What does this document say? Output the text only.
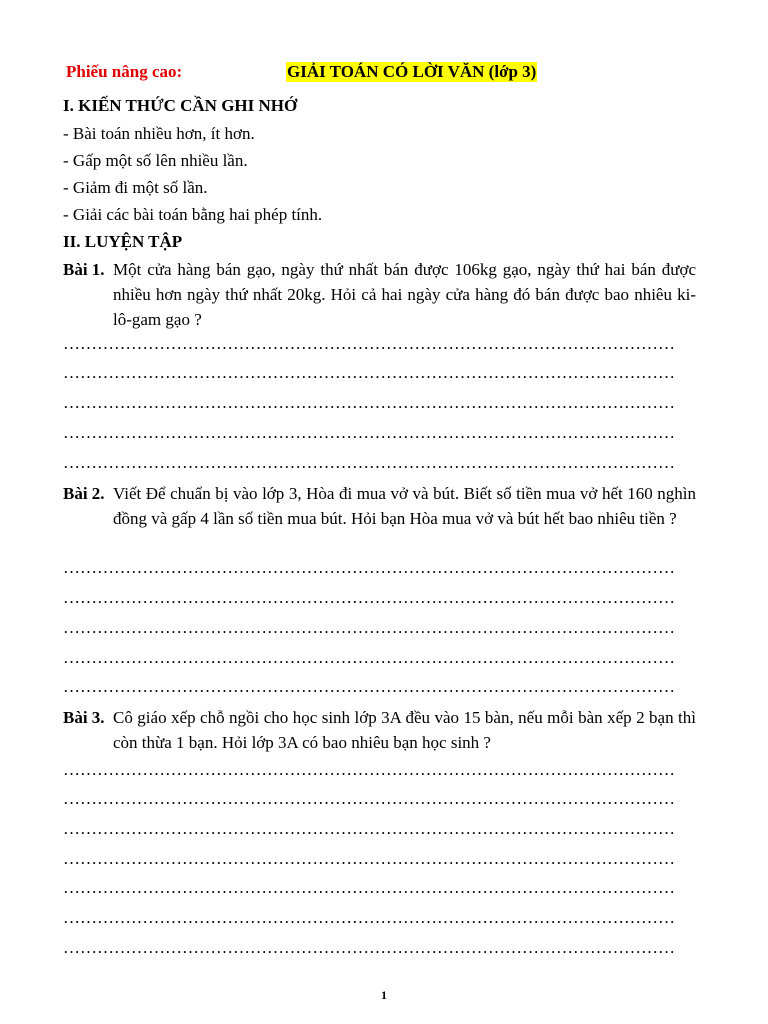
Phiếu nâng cao:	GIẢI TOÁN CÓ LỜI VĂN (lớp 3)
I. KIẾN THỨC CẦN GHI NHỚ
- Bài toán nhiều hơn, ít hơn.
- Gấp một số lên nhiều lần.
- Giảm đi một số lần.
- Giải các bài toán bằng hai phép tính.
II. LUYỆN TẬP
Bài 1. Một cửa hàng bán gạo, ngày thứ nhất bán được 106kg gạo, ngày thứ hai bán được nhiều hơn ngày thứ nhất 20kg. Hỏi cả hai ngày cửa hàng đó bán được bao nhiêu ki-lô-gam gạo ?
………………………………………………………………………………………………
………………………………………………………………………………………………
………………………………………………………………………………………………
………………………………………………………………………………………………
………………………………………………………………………………………………
Bài 2. Viết Để chuẩn bị vào lớp 3, Hòa đi mua vở và bút. Biết số tiền mua vở hết 160 nghìn đồng và gấp 4 lần số tiền mua bút. Hỏi bạn Hòa mua vở và bút hết bao nhiêu tiền ?
………………………………………………………………………………………………
………………………………………………………………………………………………
………………………………………………………………………………………………
………………………………………………………………………………………………
………………………………………………………………………………………………
Bài 3. Cô giáo xếp chỗ ngồi cho học sinh lớp 3A đều vào 15 bàn, nếu mỗi bàn xếp 2 bạn thì còn thừa 1 bạn. Hỏi lớp 3A có bao nhiêu bạn học sinh ?
………………………………………………………………………………………………
………………………………………………………………………………………………
………………………………………………………………………………………………
………………………………………………………………………………………………
………………………………………………………………………………………………
………………………………………………………………………………………………
………………………………………………………………………………………………
1
